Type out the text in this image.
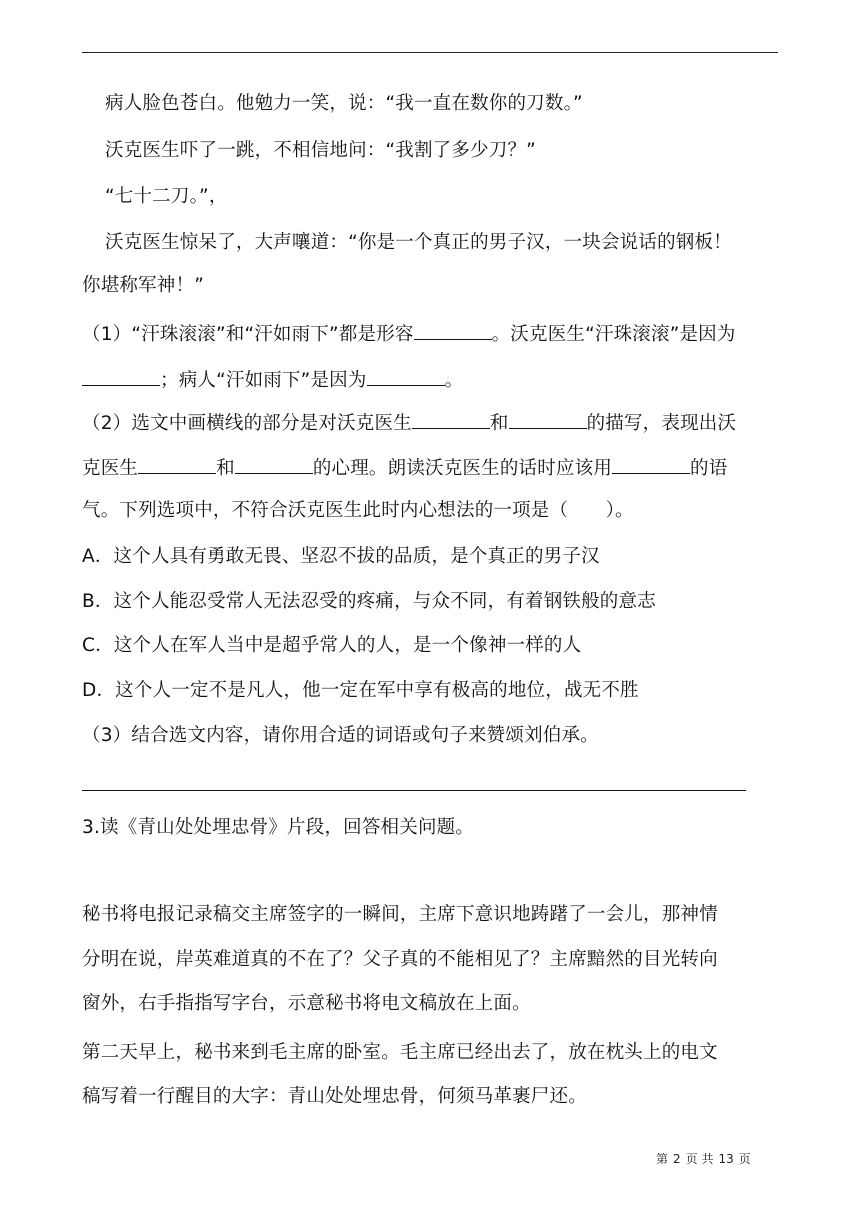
病人脸色苍白。他勉力一笑，说：“我一直在数你的刀数。”
沃克医生吓了一跳，不相信地问：“我割了多少刀？”
“七十二刀。”，
沃克医生惊呆了，大声嚷道：“你是一个真正的男子汉，一块会说话的钢板！
你堪称军神！”
（1）“汗珠滚滚”和“汗如雨下”都是形容	。沃克医生“汗珠滚滚”是因为
；病人“汗如雨下”是因为	。
（2）选文中画横线的部分是对沃克医生	和	的描写，表现出沃
克医生	和	的心理。朗读沃克医生的话时应该用	的语
气。下列选项中，不符合沃克医生此时内心想法的一项是（　　）。
A．这个人具有勇敢无畏、坚忍不拔的品质，是个真正的男子汉
B．这个人能忍受常人无法忍受的疼痛，与众不同，有着钢铁般的意志
C．这个人在军人当中是超乎常人的人，是一个像神一样的人
D．这个人一定不是凡人，他一定在军中享有极高的地位，战无不胜
（3）结合选文内容，请你用合适的词语或句子来赞颂刘伯承。
3.读《青山处处埋忠骨》片段，回答相关问题。
秘书将电报记录稿交主席签字的一瞬间，主席下意识地踌躇了一会儿，那神情
分明在说，岸英难道真的不在了？父子真的不能相见了？主席黯然的目光转向
窗外，右手指指写字台，示意秘书将电文稿放在上面。
第二天早上，秘书来到毛主席的卧室。毛主席已经出去了，放在枕头上的电文
稿写着一行醒目的大字：青山处处埋忠骨，何须马革裹尸还。
第 2 页 共 13 页
